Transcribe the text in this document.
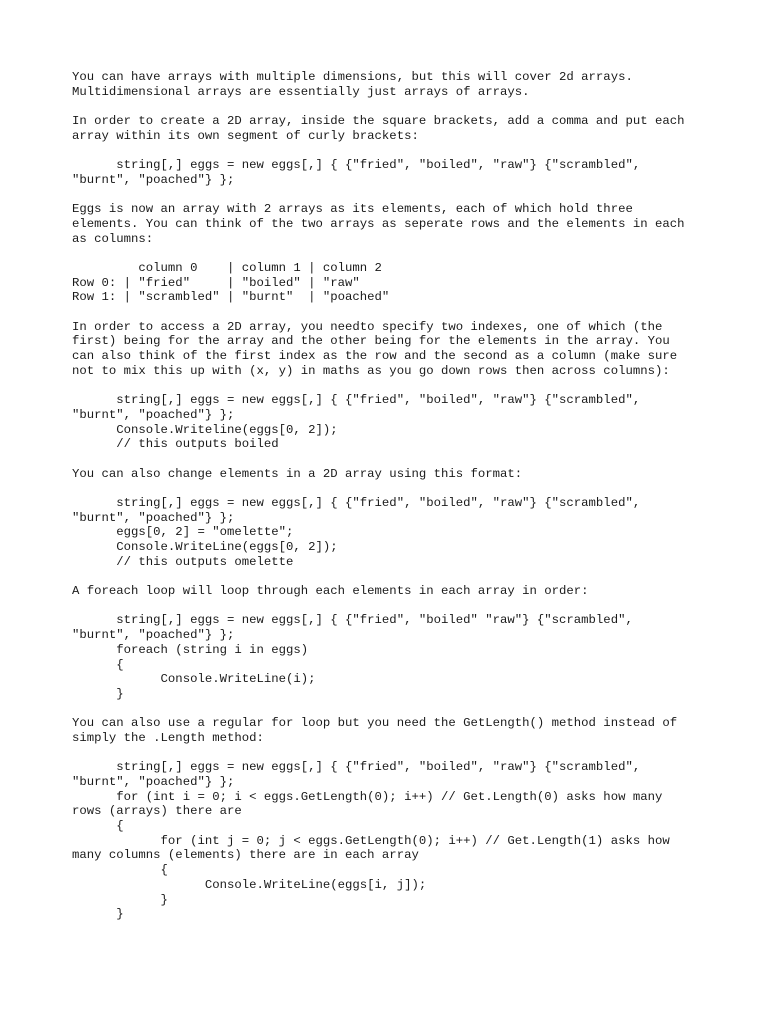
You can have arrays with multiple dimensions, but this will cover 2d arrays.
Multidimensional arrays are essentially just arrays of arrays.
In order to create a 2D array, inside the square brackets, add a comma and put each
array within its own segment of curly brackets:
string[,] eggs = new eggs[,] { {"fried", "boiled", "raw"} {"scrambled",
"burnt", "poached"} };
Eggs is now an array with 2 arrays as its elements, each of which hold three
elements. You can think of the two arrays as seperate rows and the elements in each
as columns:
column 0    | column 1 | column 2
Row 0: | "fried"     | "boiled" | "raw"
Row 1: | "scrambled" | "burnt"  | "poached"
In order to access a 2D array, you needto specify two indexes, one of which (the
first) being for the array and the other being for the elements in the array. You
can also think of the first index as the row and the second as a column (make sure
not to mix this up with (x, y) in maths as you go down rows then across columns):
string[,] eggs = new eggs[,] { {"fried", "boiled", "raw"} {"scrambled",
"burnt", "poached"} };
Console.Writeline(eggs[0, 2]);
// this outputs boiled
You can also change elements in a 2D array using this format:
string[,] eggs = new eggs[,] { {"fried", "boiled", "raw"} {"scrambled",
"burnt", "poached"} };
eggs[0, 2] = "omelette";
Console.WriteLine(eggs[0, 2]);
// this outputs omelette
A foreach loop will loop through each elements in each array in order:
string[,] eggs = new eggs[,] { {"fried", "boiled" "raw"} {"scrambled",
"burnt", "poached"} };
foreach (string i in eggs)
{
Console.WriteLine(i);
}
You can also use a regular for loop but you need the GetLength() method instead of
simply the .Length method:
string[,] eggs = new eggs[,] { {"fried", "boiled", "raw"} {"scrambled",
"burnt", "poached"} };
for (int i = 0; i < eggs.GetLength(0); i++) // Get.Length(0) asks how many
rows (arrays) there are
{
for (int j = 0; j < eggs.GetLength(0); i++) // Get.Length(1) asks how
many columns (elements) there are in each array
{
Console.WriteLine(eggs[i, j]);
}
}
